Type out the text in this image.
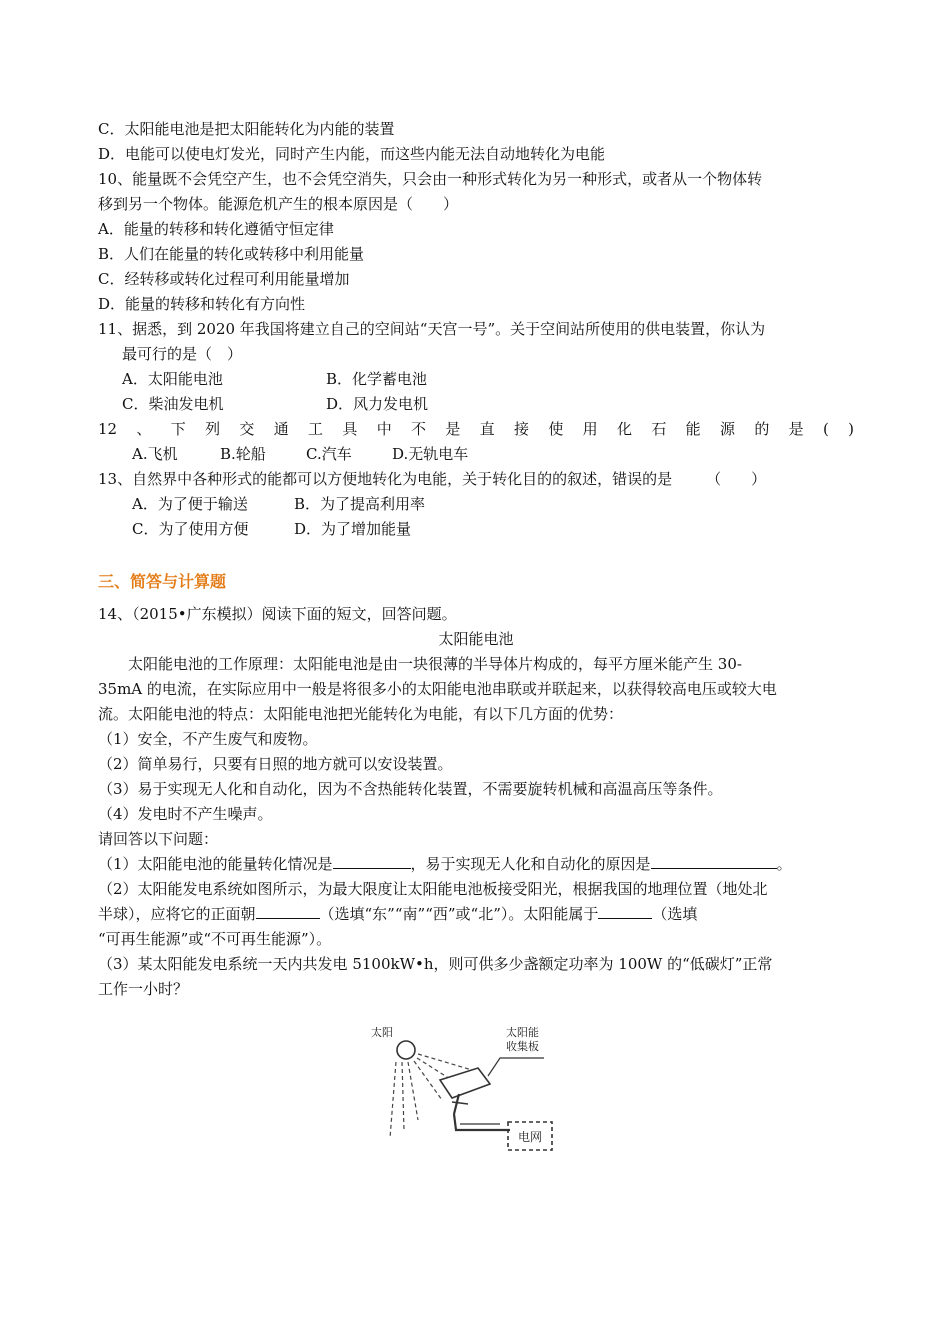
C．太阳能电池是把太阳能转化为内能的装置
D．电能可以使电灯发光，同时产生内能，而这些内能无法自动地转化为电能
10、能量既不会凭空产生，也不会凭空消失，只会由一种形式转化为另一种形式，或者从一个物体转
移到另一个物体。能源危机产生的根本原因是（　　）
A．能量的转移和转化遵循守恒定律
B．人们在能量的转化或转移中利用能量
C．经转移或转化过程可利用能量增加
D．能量的转移和转化有方向性
11、据悉，到 2020 年我国将建立自己的空间站“天宫一号”。关于空间站所使用的供电装置，你认为
最可行的是（　）
A．太阳能电池	B．化学蓄电池
C．柴油发电机	D．风力发电机
12 、 下 列 交 通 工 具 中 不 是 直 接 使 用 化 石 能 源 的 是 ( )
A.飞机	B.轮船	C.汽车	D.无轨电车
13、自然界中各种形式的能都可以方便地转化为电能，关于转化目的的叙述，错误的是 （　　）
A．为了便于输送	B．为了提高利用率
C．为了使用方便	D．为了增加能量
三、简答与计算题
14、（2015•广东模拟）阅读下面的短文，回答问题。
太阳能电池
太阳能电池的工作原理：太阳能电池是由一块很薄的半导体片构成的，每平方厘米能产生 30-
35mA 的电流，在实际应用中一般是将很多小的太阳能电池串联或并联起来，以获得较高电压或较大电
流。太阳能电池的特点：太阳能电池把光能转化为电能，有以下几方面的优势：
（1）安全，不产生废气和废物。
（2）简单易行，只要有日照的地方就可以安设装置。
（3）易于实现无人化和自动化，因为不含热能转化装置，不需要旋转机械和高温高压等条件。
（4）发电时不产生噪声。
请回答以下问题：
（1）太阳能电池的能量转化情况是	，易于实现无人化和自动化的原因是	。
（2）太阳能发电系统如图所示，为最大限度让太阳能电池板接受阳光，根据我国的地理位置（地处北
半球），应将它的正面朝	（选填“东”“南”“西”或“北”）。太阳能属于	（选填
“可再生能源”或“不可再生能源”）。
（3）某太阳能发电系统一天内共发电 5100kW•h，则可供多少盏额定功率为 100W 的“低碳灯”正常
工作一小时？
太阳
电网
太阳能
收集板
